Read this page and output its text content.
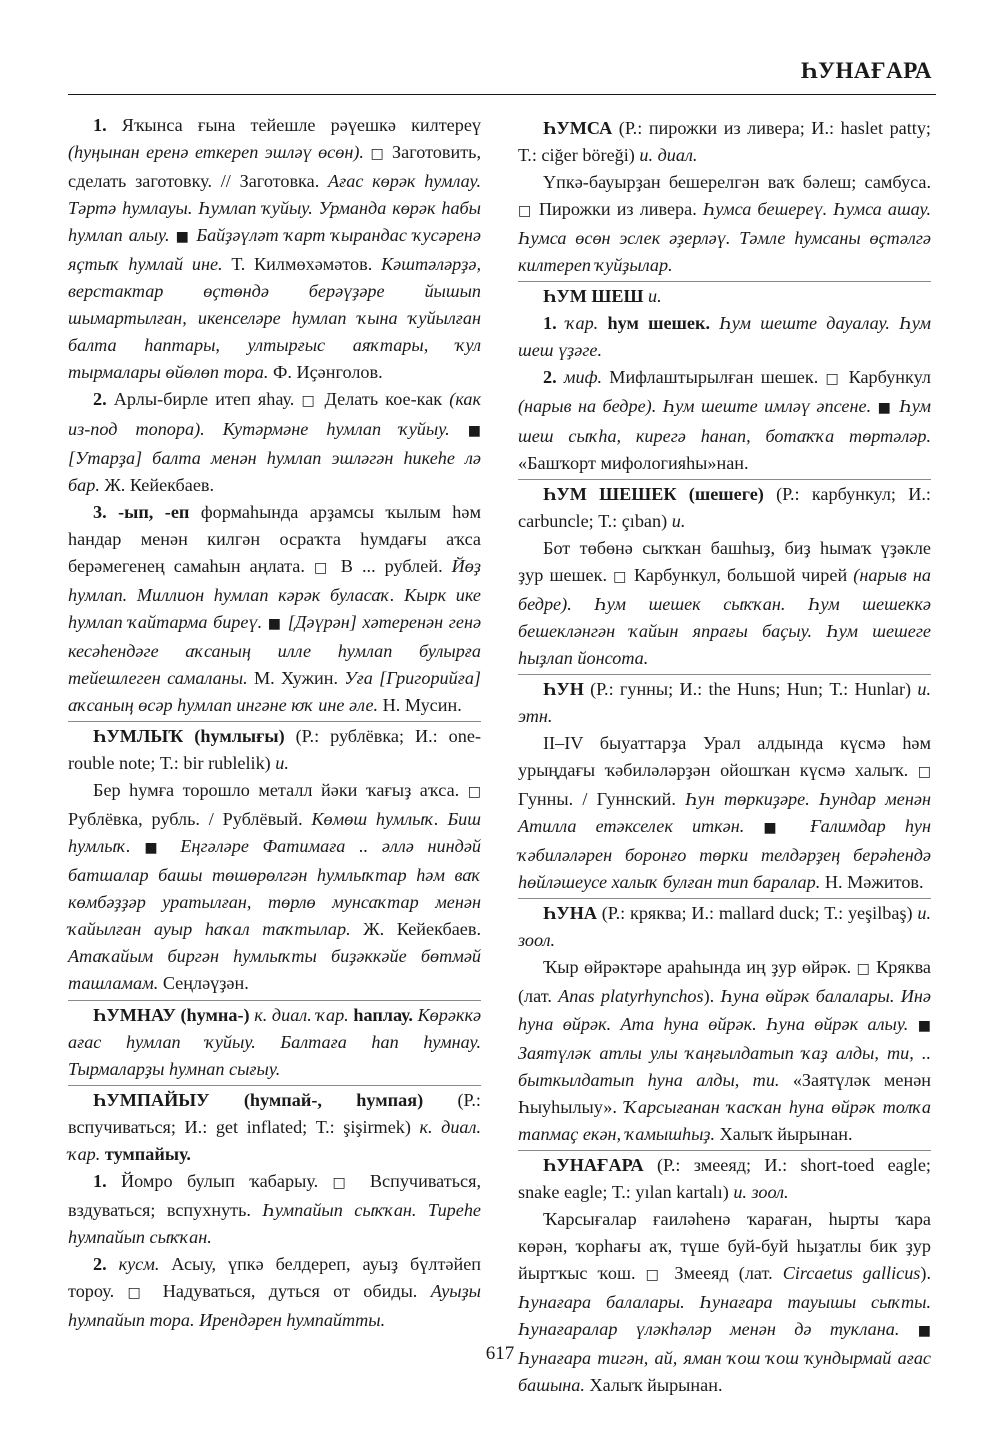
ҺУНАҒАРА

1. Яҡынса ғына тейешле рәүешкә килтереү (һуңынан еренә еткереп эшләү өсөн). □ Заготовить, сделать заготовку. // Заготовка. Ағас көрәк һумлау. Тәртә һумлауы. Һумлап ҡуйыу. Урманда көрәк һабы һумлап алыу. ■ Байҙәүләт ҡарт ҡырандас ҡусәренә яҫтыҡ һумлай ине. Т. Килмөхәмәтов. Кәштәләрҙә, верстактар өҫтөндә берәүҙәре йышып шымартылған, икенселәре һумлап ҡына ҡуйылған балта һаптары, ултырғыс аяҡтары, ҡул тырмалары өйөлөп тора. Ф. Иҫәнголов.

2. Арлы-бирле итеп яһау. □ Делать кое-как (как из-под топора). Кутәрмәне һумлап ҡуйыу. ■ [Утарҙа] балта менән һумлап эшләгән һикеһе лә бар. Ж. Кейекбаев.

3. -ып, -еп формаһында арҙамсы ҡылым һәм һандар менән килгән осраҡта һумдағы аҡса берәмегенең самаһын аңлата. □ В ... рублей. Йөҙ һумлап. Миллион һумлап кәрәк буласаҡ. Кырк ике һумлап ҡайтарма биреү. ■ [Дәүрән] хәтеренән генә кесәһендәге аҡсаның илле һумлап булырға тейешлеген самаланы. М. Хужин. Уға [Григорийға] аҡсаның өсәр һумлап ингәне юҡ ине әле. Н. Мусин.

ҺУМЛЫҠ (һумлығы) (Р.: рублёвка; И.: one-rouble note; Т.: bir rublelik) и.

Бер һумға торошло металл йәки ҡағыҙ аҡса. □ Рублёвка, рубль. / Рублёвый. Көмөш һумлыҡ. Биш һумлыҡ. ■ Еңгәләре Фатимаға .. әллә ниндәй батшалар башы төшөрөлгән һумлыҡтар һәм ваҡ көмбәҙҙәр уратылған, төрлө мунсаҡтар менән ҡайылған ауыр һаҡал таҡтылар. Ж. Кейекбаев. Атаҡайым биргән һумлыҡты биҙәккәйе бөтмәй ташламам. Сеңләүҙән.

ҺУМНАУ (һумна-) к. диал. ҡар. һаплау. Көрәккә ағас һумлап ҡуйыу. Балтаға һап һумнау. Тырмаларҙы һумнап сығыу.

ҺУМПАЙЫУ (һумпай-, һумпая) (Р.: вспучиваться; И.: get inflated; Т.: şişirmek) к. диал. ҡар. тумпайыу.

1. Йомро булып ҡабарыу. □ Вспучиваться, вздуваться; вспухнуть. Һумпайып сыҡҡан. Тиреһе һумпайып сыҡҡан.

2. кусм. Асыу, үпкә белдереп, ауыҙ бүлтәйеп тороу. □ Надуваться, дуться от обиды. Ауыҙы һумпайып тора. Ирендәрен һумпайтты.

ҺУМСА (Р.: пирожки из ливера; И.: haslet patty; Т.: ciğer böreği) и. диал.

Үпкә-бауырҙан бешерелгән ваҡ бәлеш; самбуса. □ Пирожки из ливера. Һумса бешереү. Һумса ашау. Һумса өсөн эслек әҙерләү. Тәмле һумсаны өҫтәлгә килтереп ҡуйҙылар.

ҺУМ ШЕШ и.

1. ҡар. һум шешек. Һум шеште дауалау. Һум шеш үҙәге.

2. миф. Мифлаштырылған шешек. □ Карбункул (нарыв на бедре). Һум шеште имләү әпсене. ■ Һум шеш сыҡһа, кирегә һанап, ботаҡҡа төртәләр. «Башҡорт мифологияһы»нан.

ҺУМ ШЕШЕК (шешеге) (Р.: карбункул; И.: carbuncle; Т.: çıban) и.

Бот төбөнә сыҡҡан башһыҙ, биҙ һымаҡ үҙәкле ҙур шешек. □ Карбункул, большой чирей (нарыв на бедре). Һум шешек сыҡҡан. Һум шешеккә бешекләнгән ҡайын япрағы баҫыу. Һум шешеге һыҙлап йонсота.

ҺУН (Р.: гунны; И.: the Huns; Hun; Т.: Hunlar) и. этн.

II–IV быуаттарҙа Урал алдында күсмә һәм урыңдағы ҡәбиләләрҙән ойошҡан күсмә халыҡ. □ Гунны. / Гуннский. Һун төркиҙәре. Һундар менән Атилла етәкселек иткән. ■ Ғалимдар һун ҡәбиләләрен боронғо төрки телдәрҙең берәһендә һөйләшеусе халыҡ булған тип баралар. Н. Мәжитов.

ҺУНА (Р.: кряква; И.: mallard duck; Т.: yeşilbaş) и. зоол.

Ҡыр өйрәктәре араһында иң ҙур өйрәк. □ Кряква (лат. Anas platyrhynchos). Һуна өйрәк балалары. Инә һуна өйрәк. Ата һуна өйрәк. Һуна өйрәк алыу. ■ Заятүләк атлы улы ҡаңғылдатып ҡаҙ алды, ти, .. быткылдатып һуна алды, ти. «Заятүләк менән Һыуһылыу». Ҡарсығанан ҡасҡан һуна өйрәк толҡа тапмаҫ екән, ҡамышһыҙ. Халыҡ йырынан.

ҺУНАҒАРА (Р.: змееяд; И.: short-toed eagle; snake eagle; Т.: yılan kartalı) и. зоол.

Ҡарсығалар ғаиләһенә ҡараған, һырты ҡара көрән, ҡорһағы аҡ, түше буй-буй һыҙатлы бик ҙур йыртҡыс ҡош. □ Змееяд (лат. Circaetus gallicus). Һунағара балалары. Һунағара тауышы сыҡты. Һунағаралар үләкһәләр менән дә туклана. ■ Һунағара тигән, ай, яман ҡош ҡош ҡундырмай ағас башына. Халыҡ йырынан.

617
